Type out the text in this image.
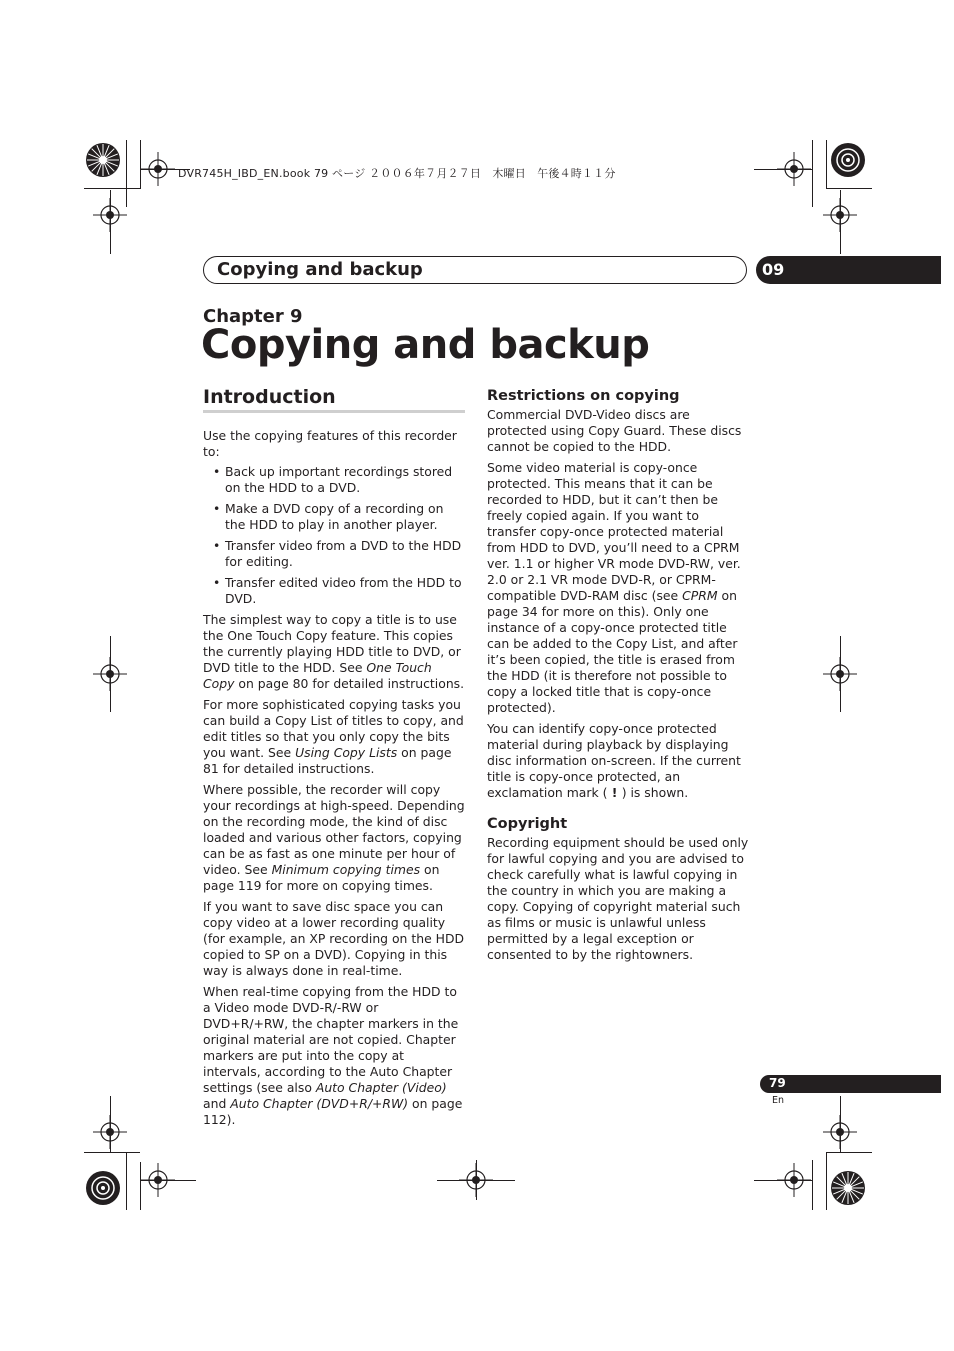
DVR745H_IBD_EN.book 79 ページ ２００６年７月２７日　木曜日　午後４時１１分
Copying and backup	09
Chapter 9
Copying and backup
Introduction

Use the copying features of this recorder to:

• Back up important recordings stored on the HDD to a DVD.
• Make a DVD copy of a recording on the HDD to play in another player.
• Transfer video from a DVD to the HDD for editing.
• Transfer edited video from the HDD to DVD.

The simplest way to copy a title is to use the One Touch Copy feature. This copies the currently playing HDD title to DVD, or DVD title to the HDD. See One Touch Copy on page 80 for detailed instructions.

For more sophisticated copying tasks you can build a Copy List of titles to copy, and edit titles so that you only copy the bits you want. See Using Copy Lists on page 81 for detailed instructions.

Where possible, the recorder will copy your recordings at high-speed. Depending on the recording mode, the kind of disc loaded and various other factors, copying can be as fast as one minute per hour of video. See Minimum copying times on page 119 for more on copying times.

If you want to save disc space you can copy video at a lower recording quality (for example, an XP recording on the HDD copied to SP on a DVD). Copying in this way is always done in real-time.

When real-time copying from the HDD to a Video mode DVD-R/-RW or DVD+R/+RW, the chapter markers in the original material are not copied. Chapter markers are put into the copy at intervals, according to the Auto Chapter settings (see also Auto Chapter (Video) and Auto Chapter (DVD+R/+RW) on page 112).

Restrictions on copying

Commercial DVD-Video discs are protected using Copy Guard. These discs cannot be copied to the HDD.

Some video material is copy-once protected. This means that it can be recorded to HDD, but it can’t then be freely copied again. If you want to transfer copy-once protected material from HDD to DVD, you’ll need to a CPRM ver. 1.1 or higher VR mode DVD-RW, ver. 2.0 or 2.1 VR mode DVD-R, or CPRM-compatible DVD-RAM disc (see CPRM on page 34 for more on this). Only one instance of a copy-once protected title can be added to the Copy List, and after it’s been copied, the title is erased from the HDD (it is therefore not possible to copy a locked title that is copy-once protected).

You can identify copy-once protected material during playback by displaying disc information on-screen. If the current title is copy-once protected, an exclamation mark ( ! ) is shown.

Copyright

Recording equipment should be used only for lawful copying and you are advised to check carefully what is lawful copying in the country in which you are making a copy. Copying of copyright material such as films or music is unlawful unless permitted by a legal exception or consented to by the rightowners.

79
En
